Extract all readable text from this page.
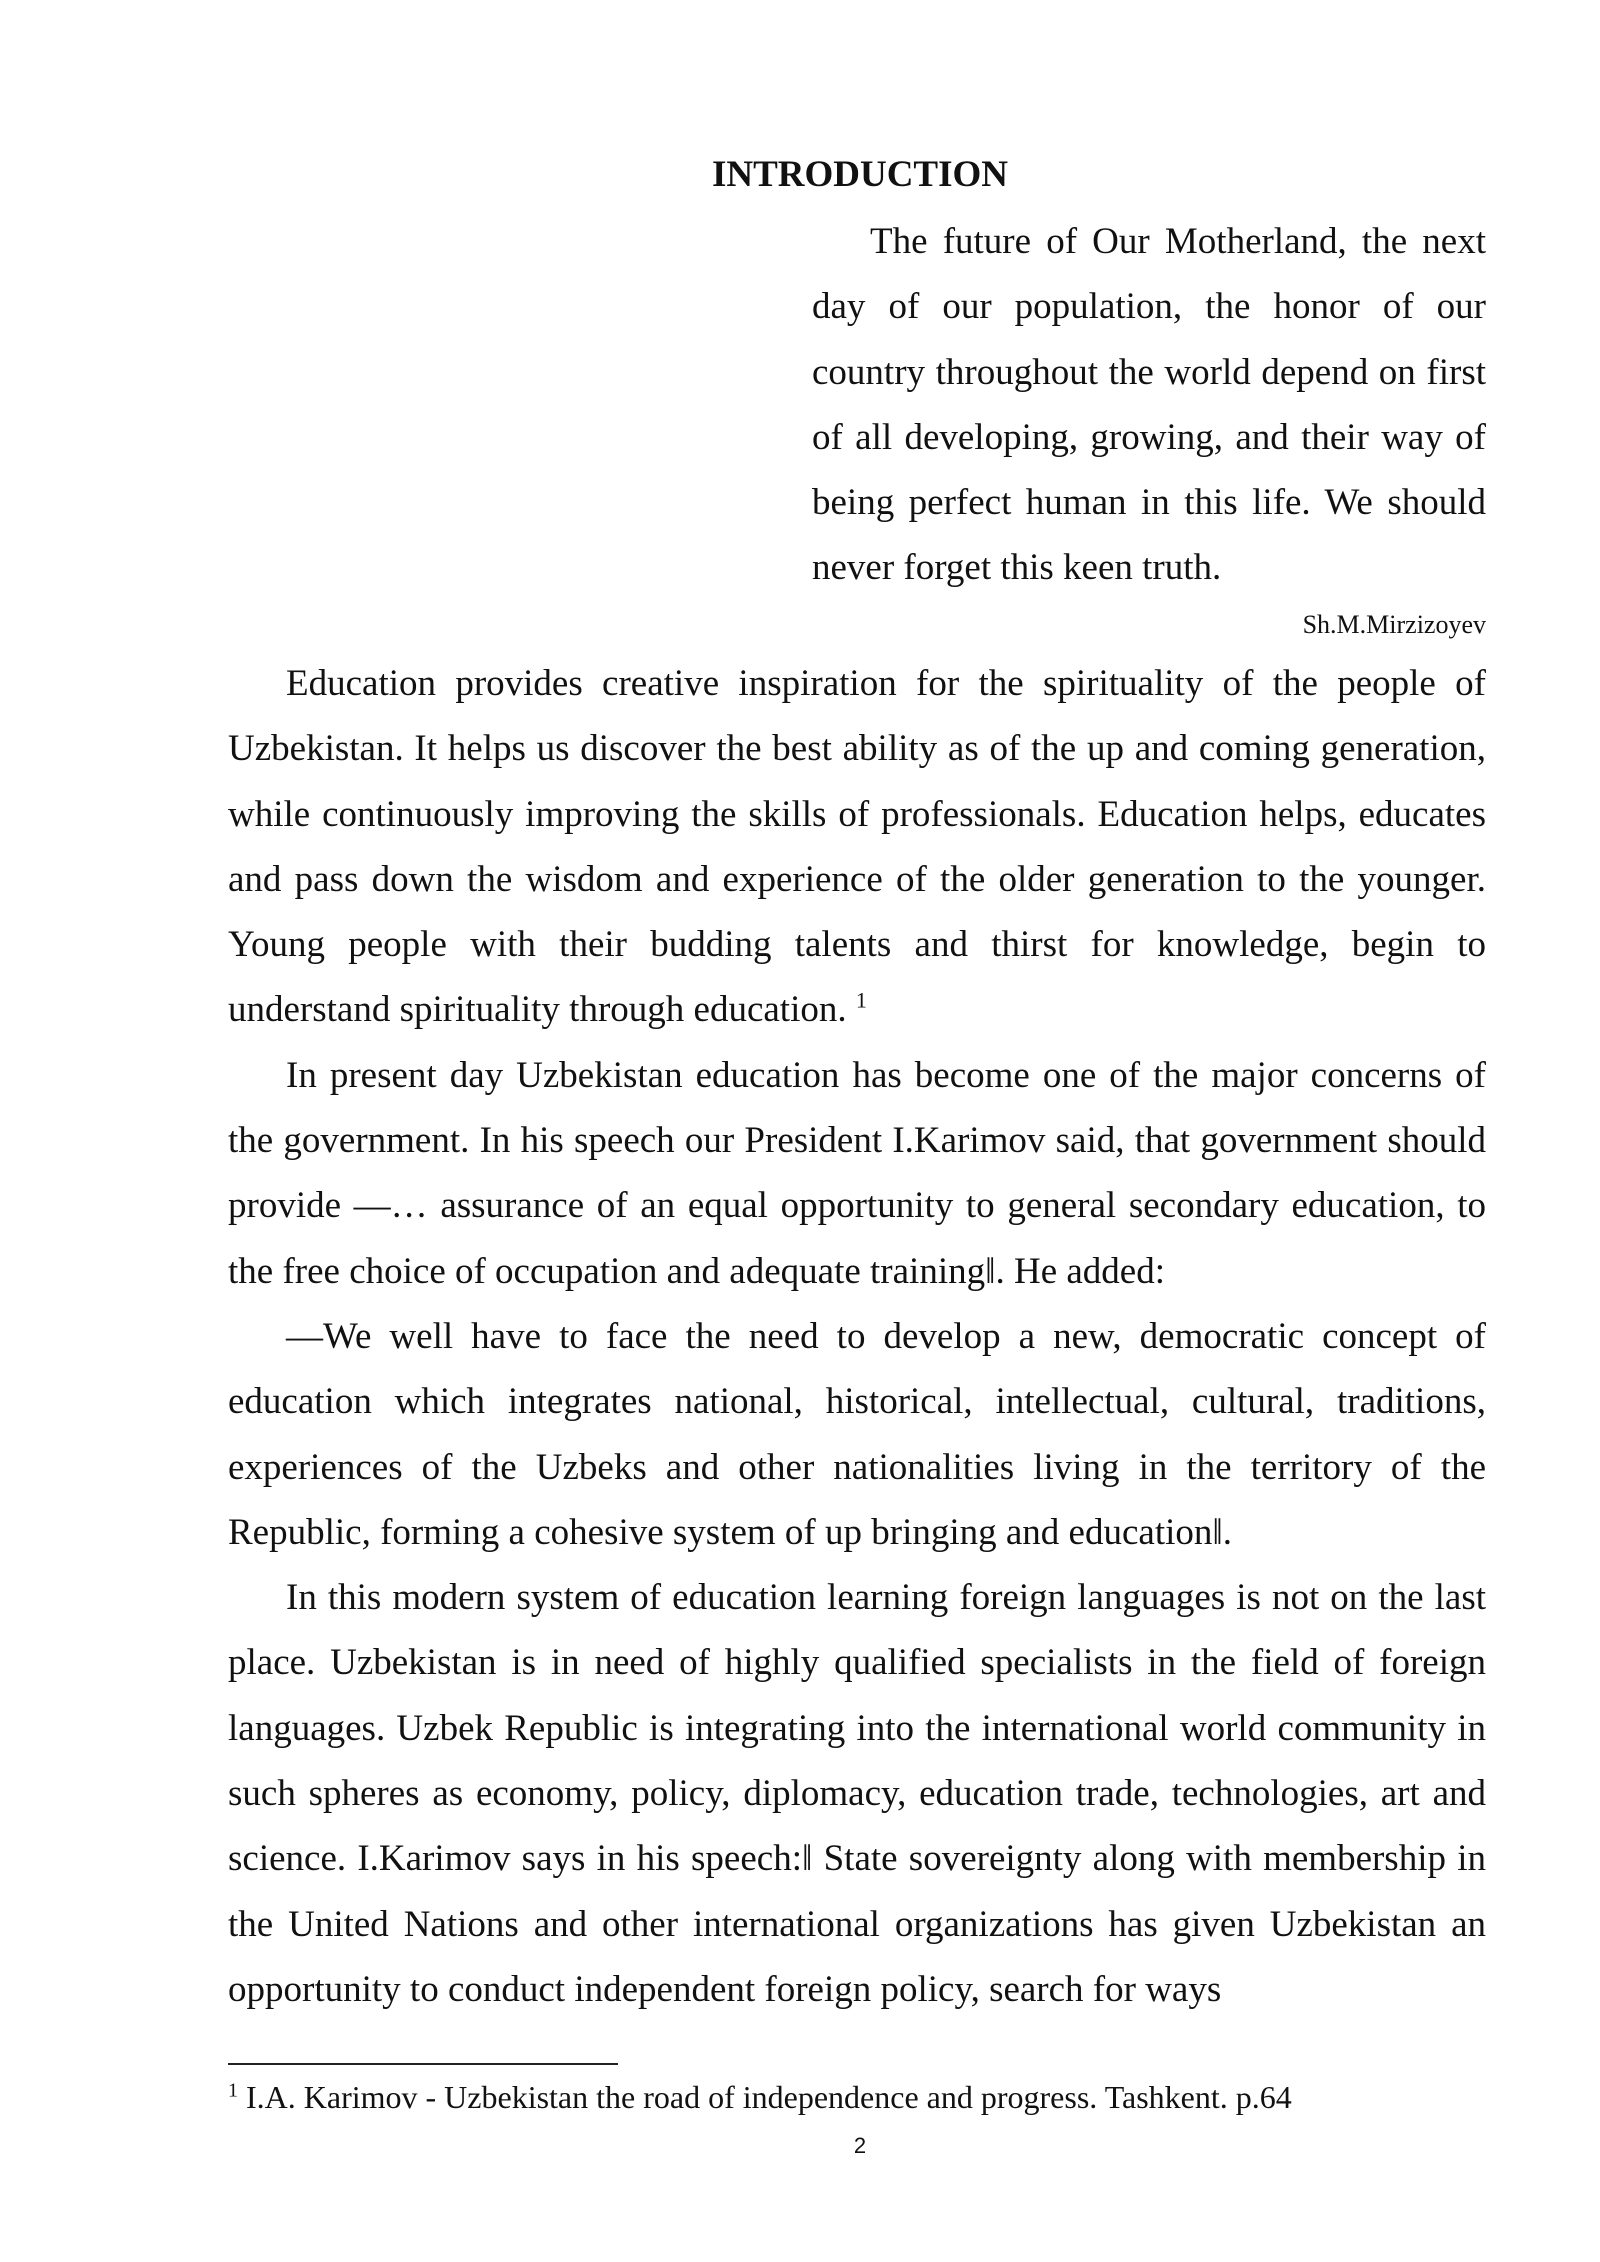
INTRODUCTION

The future of Our Motherland, the next day of our population, the honor of our country throughout the world depend on first of all developing, growing, and their way of being perfect human in this life. We should never forget this keen truth.

Sh.M.Mirzizoyev

Education provides creative inspiration for the spirituality of the people of Uzbekistan. It helps us discover the best ability as of the up and coming generation, while continuously improving the skills of professionals. Education helps, educates and pass down the wisdom and experience of the older generation to the younger. Young people with their budding talents and thirst for knowledge, begin to understand spirituality through education. $^1$

In present day Uzbekistan education has become one of the major concerns of the government. In his speech our President I.Karimov said, that government should provide ―… assurance of an equal opportunity to general secondary education, to the free choice of occupation and adequate training‖. He added:

―We well have to face the need to develop a new, democratic concept of education which integrates national, historical, intellectual, cultural, traditions, experiences of the Uzbeks and other nationalities living in the territory of the Republic, forming a cohesive system of up bringing and education‖.

In this modern system of education learning foreign languages is not on the last place. Uzbekistan is in need of highly qualified specialists in the field of foreign languages. Uzbek Republic is integrating into the international world community in such spheres as economy, policy, diplomacy, education trade, technologies, art and science. I.Karimov says in his speech:‖ State sovereignty along with membership in the United Nations and other international organizations has given Uzbekistan an opportunity to conduct independent foreign policy, search for ways

$^1$ I.A. Karimov - Uzbekistan the road of independence and progress. Tashkent. p.64

2
